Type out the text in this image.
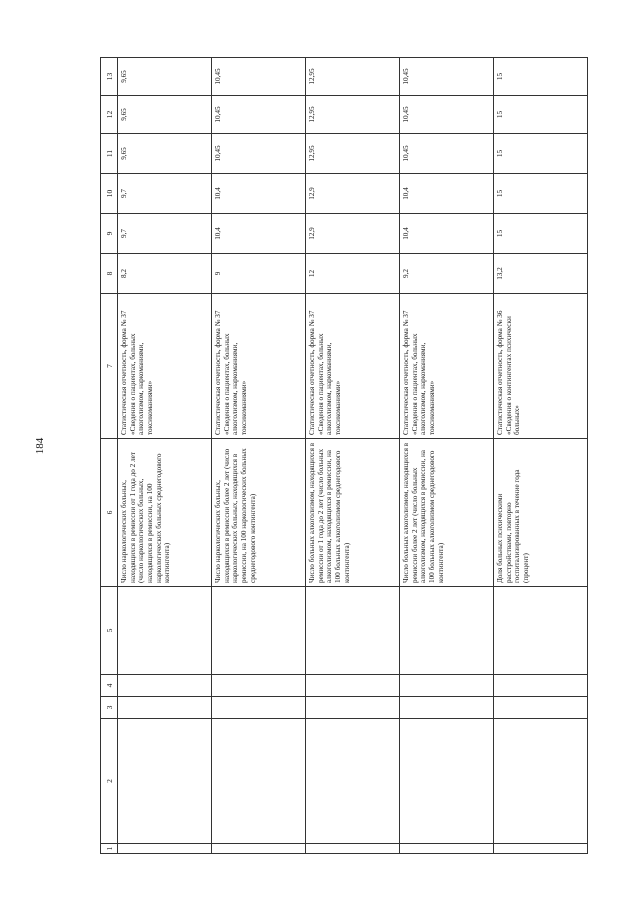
184
1	2	3	4	5	6	7	8	9	10	11	12	13
					Число наркологических больных, находящихся в ремиссии от 1 года до 2 лет (число наркологических больных, находящихся в ремиссии, на 100 наркологических больных среднегодового контингента)	Статистическая отчетность, форма № 37 «Сведения о пациентах, больных алкоголизмом, наркоманиями, токсикоманиями»	8,2	9,7	9,7	9,65	9,65	9,65
					Число наркологических больных, находящихся в ремиссии более 2 лет (число наркологических больных, находящихся в ремиссии, на 100 наркологических больных среднегодового контингента)	Статистическая отчетность, форма № 37 «Сведения о пациентах, больных алкоголизмом, наркоманиями, токсикоманиями»	9	10,4	10,4	10,45	10,45	10,45
					Число больных алкоголизмом, находящихся в ремиссии от 1 года до 2 лет (число больных алкоголизмом, находящихся в ремиссии, на 100 больных алкоголизмом среднегодового контингента)	Статистическая отчетность, форма № 37 «Сведения о пациентах, больных алкоголизмом, наркоманиями, токсикоманиями»	12	12,9	12,9	12,95	12,95	12,95
					Число больных алкоголизмом, находящихся в ремиссии более 2 лет (число больных алкоголизмом, находящихся в ремиссии, на 100 больных алкоголизмом среднегодового контингента)	Статистическая отчетность, форма № 37 «Сведения о пациентах, больных алкоголизмом, наркоманиями, токсикоманиями»	9,2	10,4	10,4	10,45	10,45	10,45
					Доля больных психическими расстройствами, повторно госпитализированных в течение года (процент)	Статистическая отчетность, форма № 36 «Сведения о контингентах психически больных»	13,2	15	15	15	15	15
